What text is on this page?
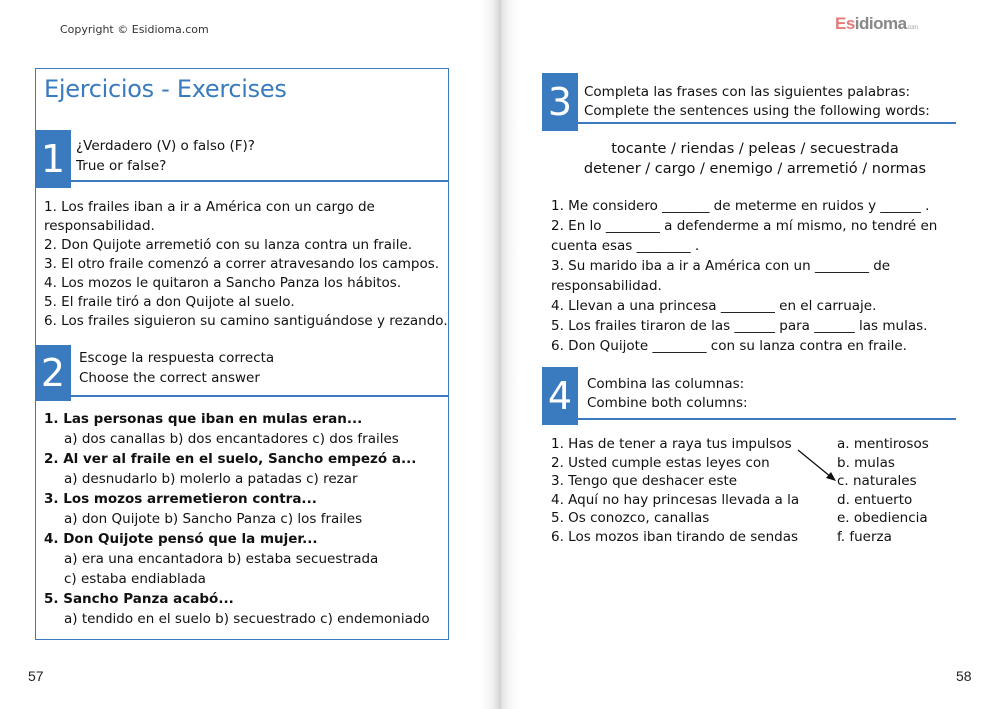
Copyright © Esidioma.com
Ejercicios - Exercises
1 ¿Verdadero (V) o falso (F)?
True or false?
1. Los frailes iban a ir a América con un cargo de
responsabilidad.
2. Don Quijote arremetió con su lanza contra un fraile.
3. El otro fraile comenzó a correr atravesando los campos.
4. Los mozos le quitaron a Sancho Panza los hábitos.
5. El fraile tiró a don Quijote al suelo.
6. Los frailes siguieron su camino santiguándose y rezando.
2	Escoge la respuesta correcta
Choose the correct answer
1. Las personas que iban en mulas eran...
a) dos canallas b) dos encantadores c) dos frailes
2. Al ver al fraile en el suelo, Sancho empezó a...
a) desnudarlo b) molerlo a patadas c) rezar
3. Los mozos arremetieron contra...
a) don Quijote b) Sancho Panza c) los frailes
4. Don Quijote pensó que la mujer...
a) era una encantadora b) estaba secuestrada
c) estaba endiablada
5. Sancho Panza acabó...
a) tendido en el suelo b) secuestrado c) endemoniado
57
Esidioma.com
3 Completa las frases con las siguientes palabras:
Complete the sentences using the following words:
tocante / riendas / peleas / secuestrada
detener / cargo / enemigo / arremetió / normas
1. Me considero _______ de meterme en ruidos y ______ .
2. En lo ________ a defenderme a mí mismo, no tendré en
cuenta esas ________ .
3. Su marido iba a ir a América con un ________ de
responsabilidad.
4. Llevan a una princesa ________ en el carruaje.
5. Los frailes tiraron de las ______ para ______ las mulas.
6. Don Quijote ________ con su lanza contra en fraile.
4	Combina las columnas:
Combine both columns:
1. Has de tener a raya tus impulsos
2. Usted cumple estas leyes con
3. Tengo que deshacer este
4. Aquí no hay princesas llevada a la
5. Os conozco, canallas
6. Los mozos iban tirando de sendas
a. mentirosos
b. mulas
c. naturales
d. entuerto
e. obediencia
f. fuerza
58
